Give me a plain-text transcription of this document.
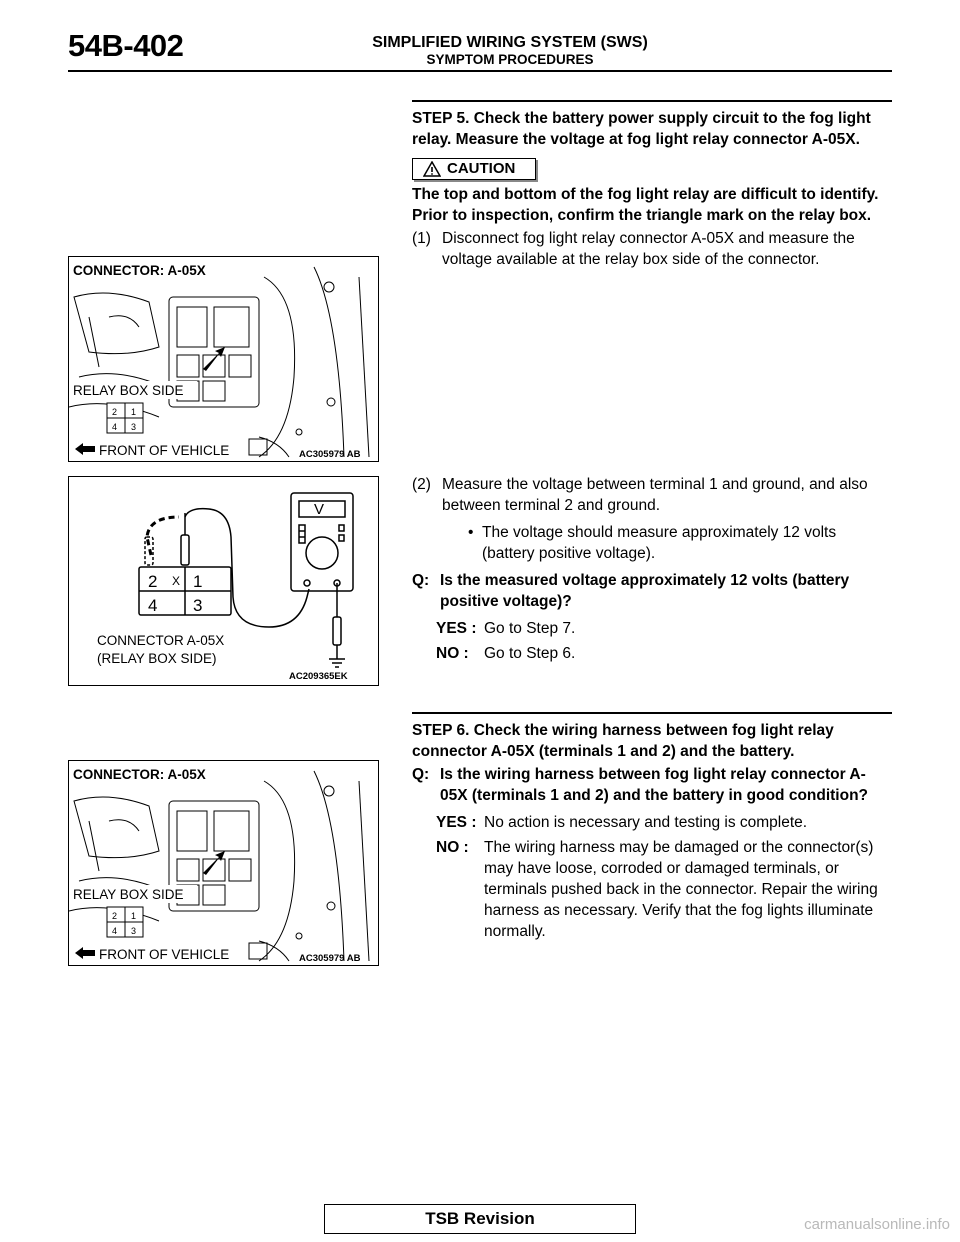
54B-402	SIMPLIFIED WIRING SYSTEM (SWS)
SYMPTOM PROCEDURES
STEP 5. Check the battery power supply circuit to the fog light relay. Measure the voltage at fog light relay connector A-05X.
CAUTION
The top and bottom of the fog light relay are difficult to identify. Prior to inspection, confirm the triangle mark on the relay box.
(1) Disconnect fog light relay connector A-05X and measure the voltage available at the relay box side of the connector.
(2) Measure the voltage between terminal 1 and ground, and also between terminal 2 and ground.
• The voltage should measure approximately 12 volts (battery positive voltage).
Q: Is the measured voltage approximately 12 volts (battery positive voltage)?
YES : Go to Step 7.
NO : Go to Step 6.
STEP 6. Check the wiring harness between fog light relay connector A-05X (terminals 1 and 2) and the battery.
Q: Is the wiring harness between fog light relay connector A-05X (terminals 1 and 2) and the battery in good condition?
YES : No action is necessary and testing is complete.
NO : The wiring harness may be damaged or the connector(s) may have loose, corroded or damaged terminals, or terminals pushed back in the connector. Repair the wiring harness as necessary. Verify that the fog lights illuminate normally.
CONNECTOR: A-05X
RELAY BOX SIDE
2 1
4 3
FRONT OF VEHICLE	AC305979 AB
2 X 1
4 3
V
CONNECTOR A-05X
(RELAY BOX SIDE)
AC209365EK
CONNECTOR: A-05X
RELAY BOX SIDE
2 1
4 3
FRONT OF VEHICLE	AC305979 AB
TSB Revision	carmanualsonline.info
